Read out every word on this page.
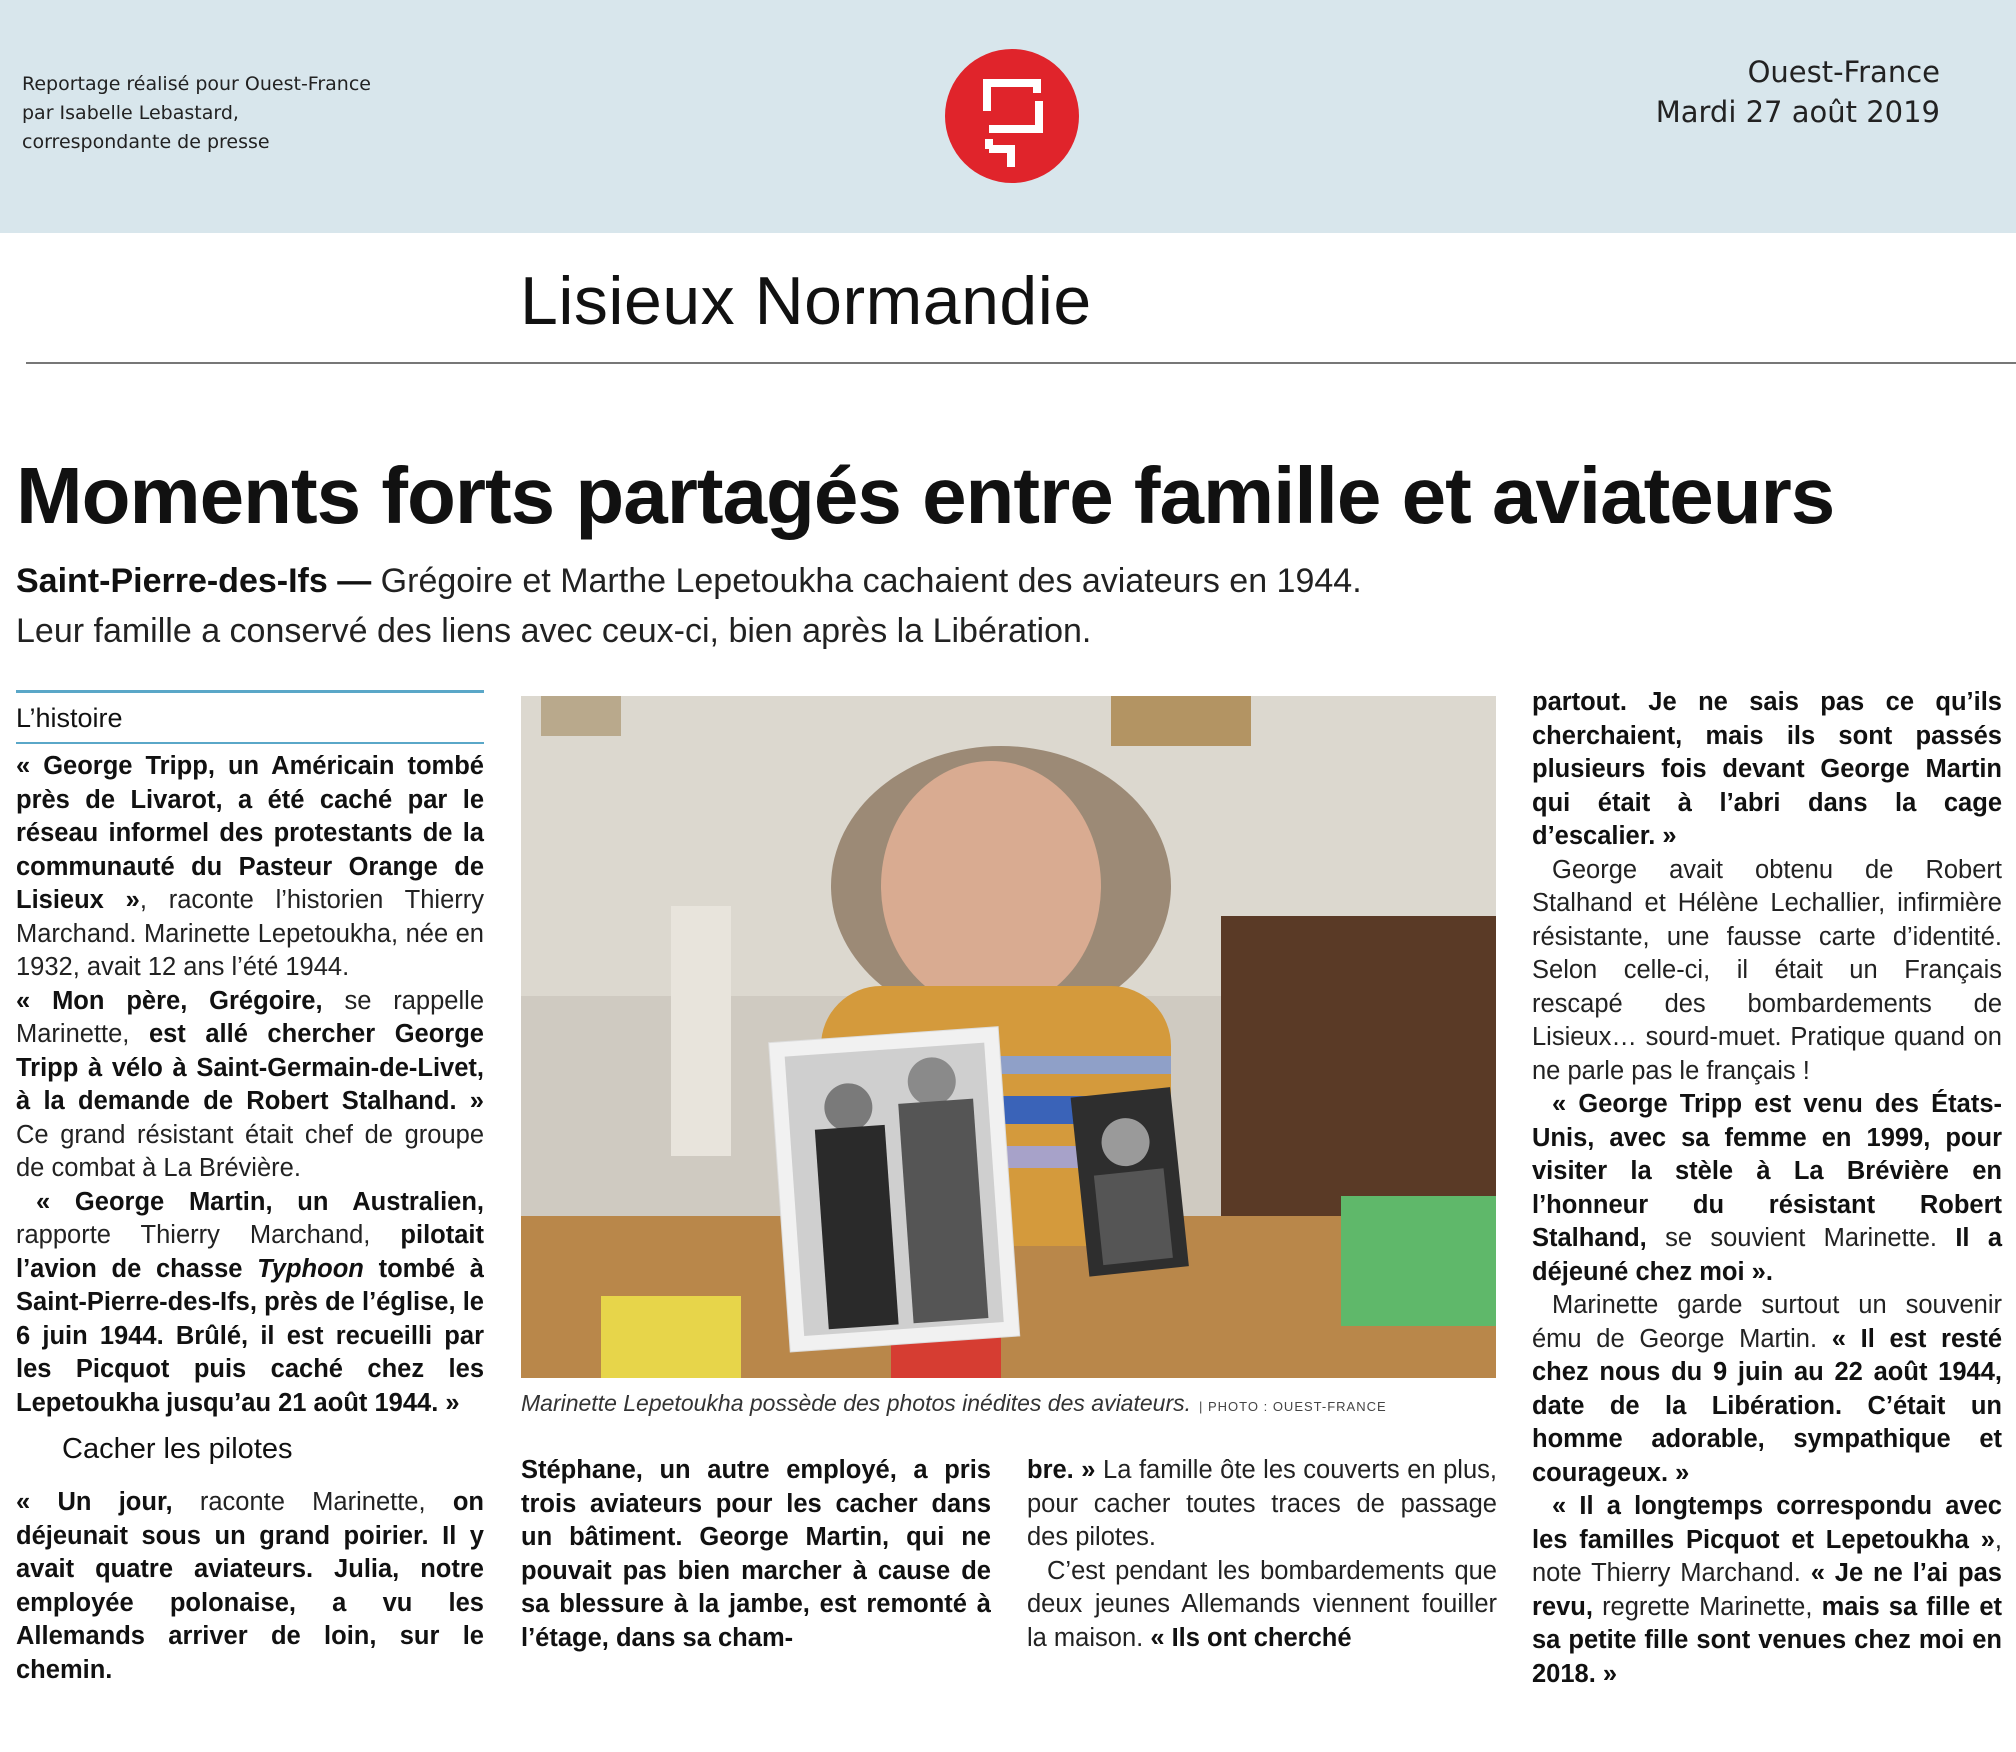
Reportage réalisé pour Ouest-France
par Isabelle Lebastard,
correspondante de presse
Ouest-France
Mardi 27 août 2019
Lisieux Normandie
Moments forts partagés entre famille et aviateurs
Saint-Pierre-des-Ifs — Grégoire et Marthe Lepetoukha cachaient des aviateurs en 1944.
Leur famille a conservé des liens avec ceux-ci, bien après la Libération.
L’histoire

« George Tripp, un Américain tombé près de Livarot, a été caché par le réseau informel des protestants de la communauté du Pasteur Orange de Lisieux », raconte l’historien Thierry Marchand. Marinette Lepetoukha, née en 1932, avait 12 ans l’été 1944.

« Mon père, Grégoire, se rappelle Marinette, est allé chercher George Tripp à vélo à Saint-Germain-de-Livet, à la demande de Robert Stalhand. » Ce grand résistant était chef de groupe de combat à La Brévière.

« George Martin, un Australien, rapporte Thierry Marchand, pilotait l’avion de chasse Typhoon tombé à Saint-Pierre-des-Ifs, près de l’église, le 6 juin 1944. Brûlé, il est recueilli par les Picquot puis caché chez les Lepetoukha jusqu’au 21 août 1944. »

Cacher les pilotes

« Un jour, raconte Marinette, on déjeunait sous un grand poirier. Il y avait quatre aviateurs. Julia, notre employée polonaise, a vu les Allemands arriver de loin, sur le chemin.

Marinette Lepetoukha possède des photos inédites des aviateurs. | PHOTO : OUEST-FRANCE

Stéphane, un autre employé, a pris trois aviateurs pour les cacher dans un bâtiment. George Martin, qui ne pouvait pas bien marcher à cause de sa blessure à la jambe, est remonté à l’étage, dans sa cham-

bre. » La famille ôte les couverts en plus, pour cacher toutes traces de passage des pilotes.

C’est pendant les bombardements que deux jeunes Allemands viennent fouiller la maison. « Ils ont cherché

partout. Je ne sais pas ce qu’ils cherchaient, mais ils sont passés plusieurs fois devant George Martin qui était à l’abri dans la cage d’escalier. »

George avait obtenu de Robert Stalhand et Hélène Lechallier, infirmière résistante, une fausse carte d’identité. Selon celle-ci, il était un Français rescapé des bombardements de Lisieux… sourd-muet. Pratique quand on ne parle pas le français !

« George Tripp est venu des États-Unis, avec sa femme en 1999, pour visiter la stèle à La Brévière en l’honneur du résistant Robert Stalhand, se souvient Marinette. Il a déjeuné chez moi ».

Marinette garde surtout un souvenir ému de George Martin. « Il est resté chez nous du 9 juin au 22 août 1944, date de la Libération. C’était un homme adorable, sympathique et courageux. »

« Il a longtemps correspondu avec les familles Picquot et Lepetoukha », note Thierry Marchand. « Je ne l’ai pas revu, regrette Marinette, mais sa fille et sa petite fille sont venues chez moi en 2018. »
